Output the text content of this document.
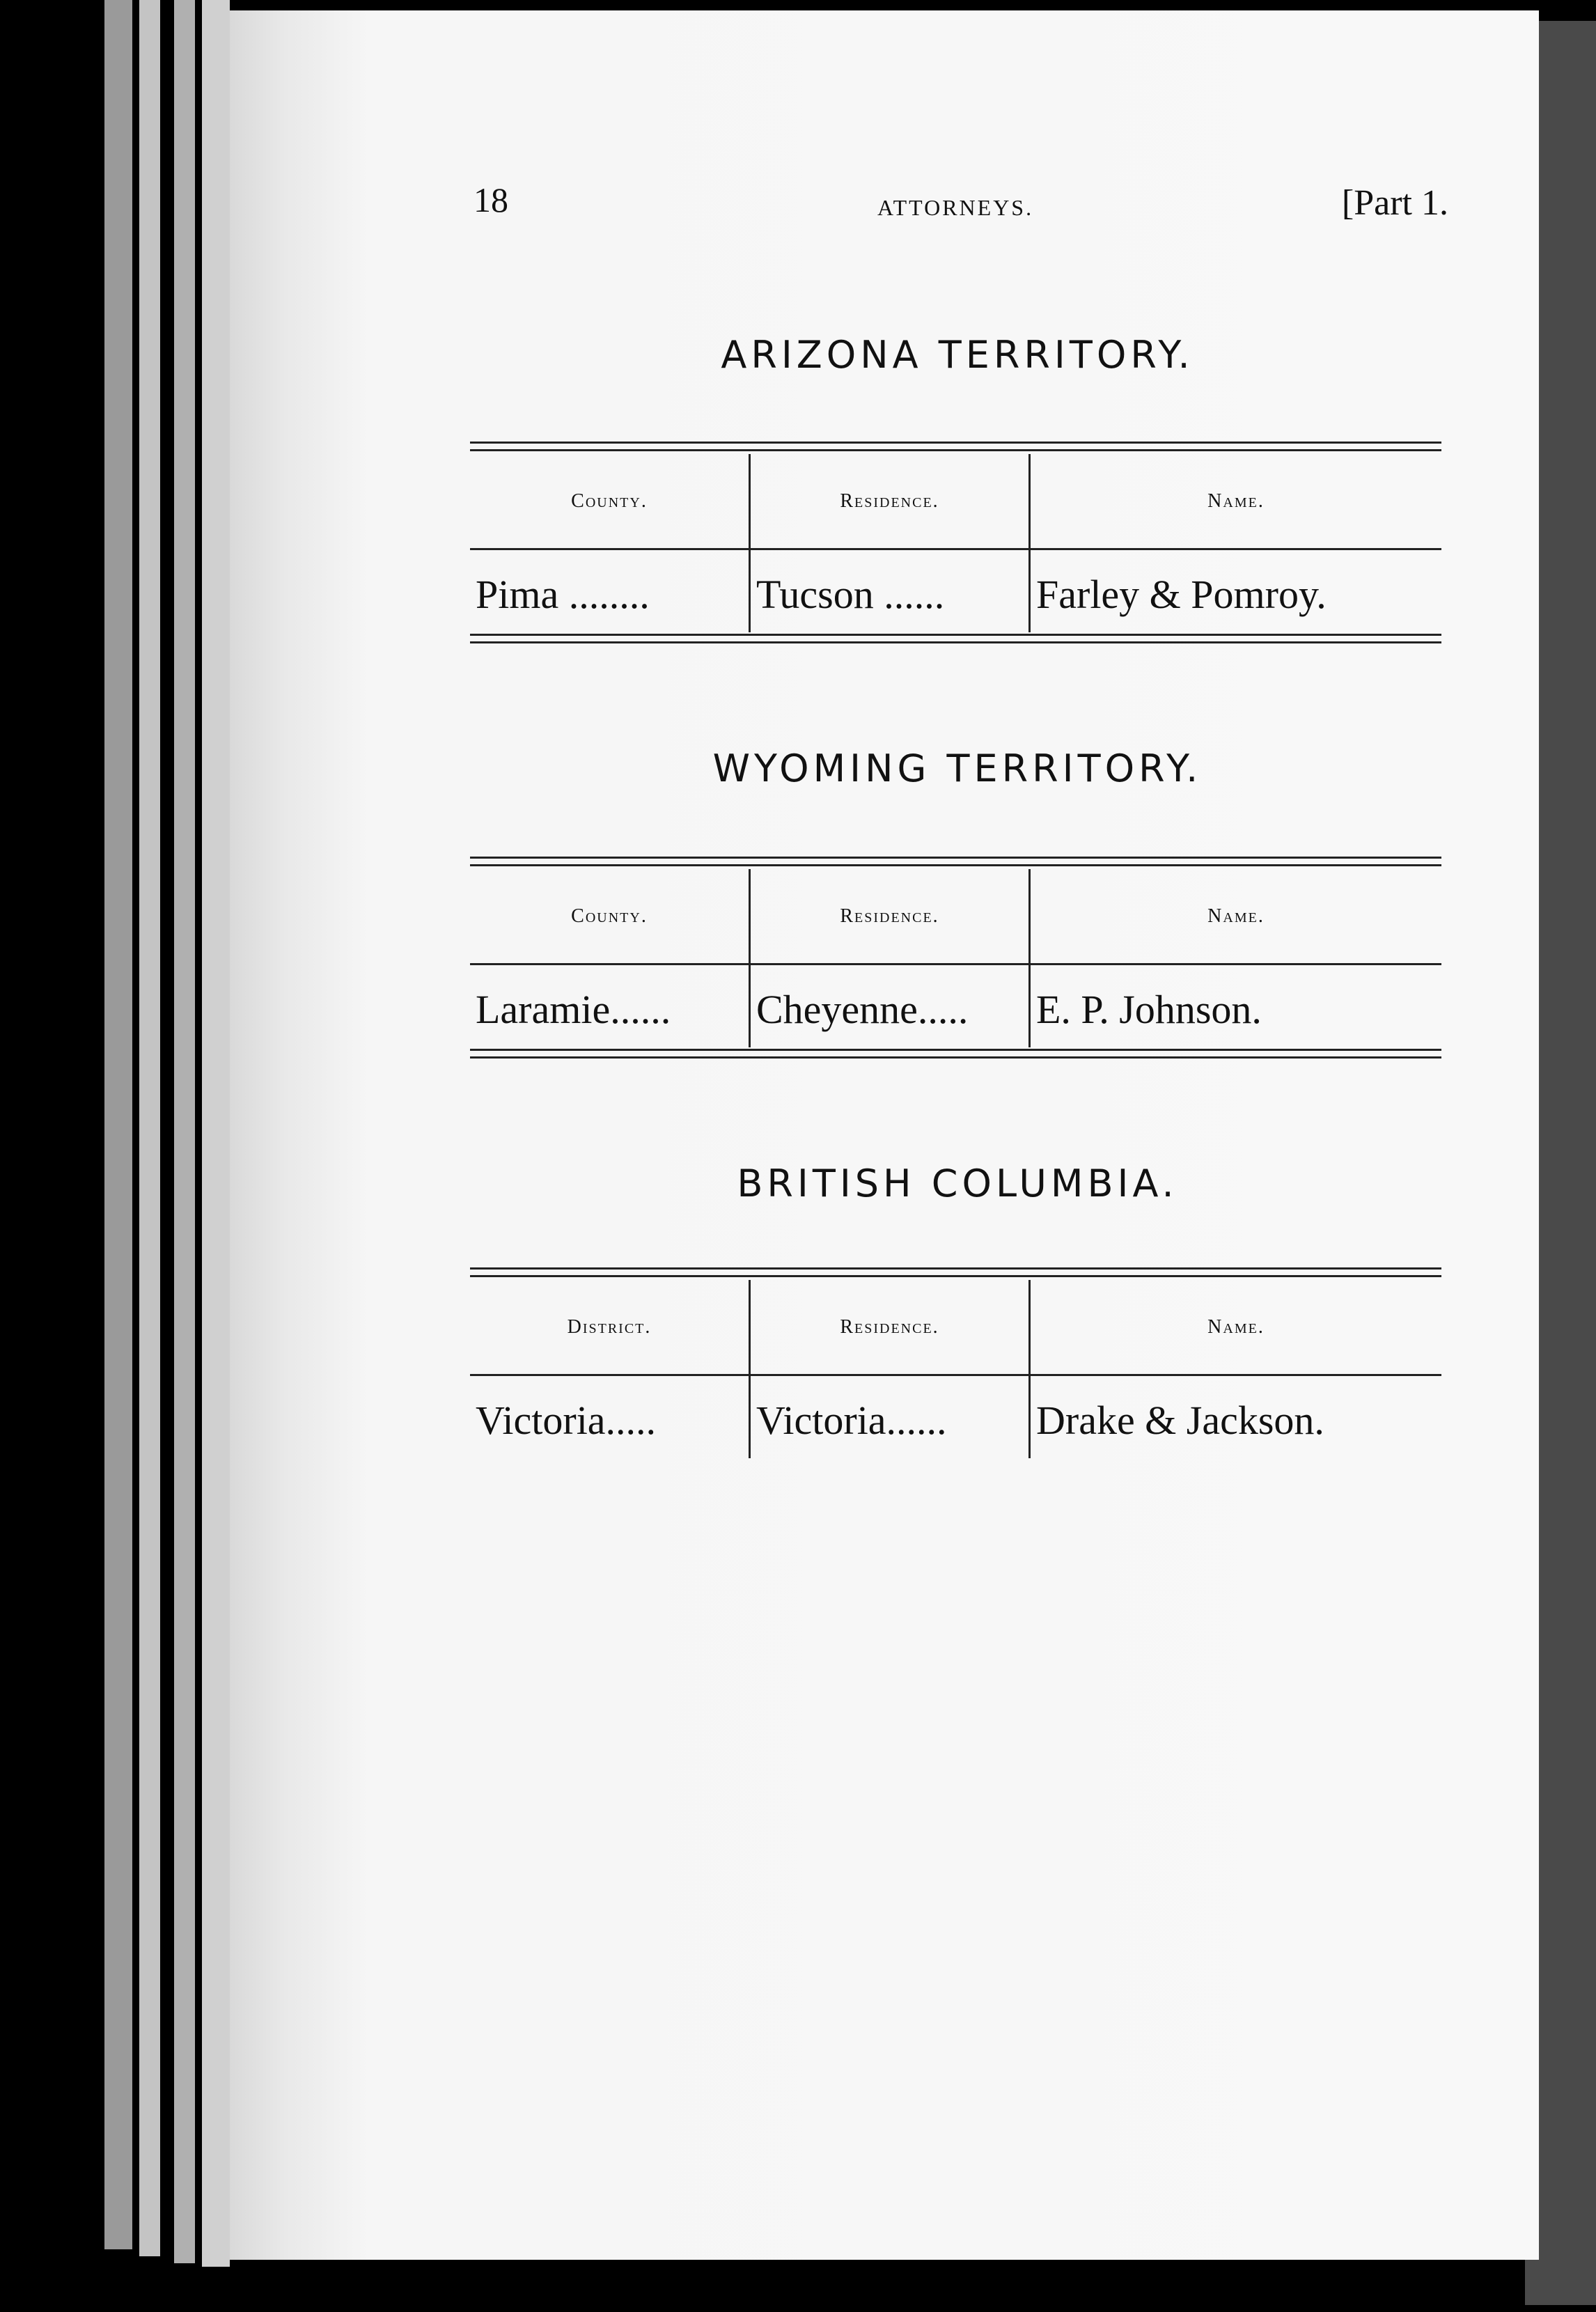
18	ATTORNEYS.	[Part 1.
ARIZONA TERRITORY.
County.	Residence.	Name.
Pima ........	Tucson ...... Farley & Pomroy.
WYOMING TERRITORY.
County.	Residence.	Name.
Laramie...... Cheyenne..... E. P. Johnson.
BRITISH COLUMBIA.
District.	Residence.	Name.
Victoria..... Victoria...... Drake & Jackson.
